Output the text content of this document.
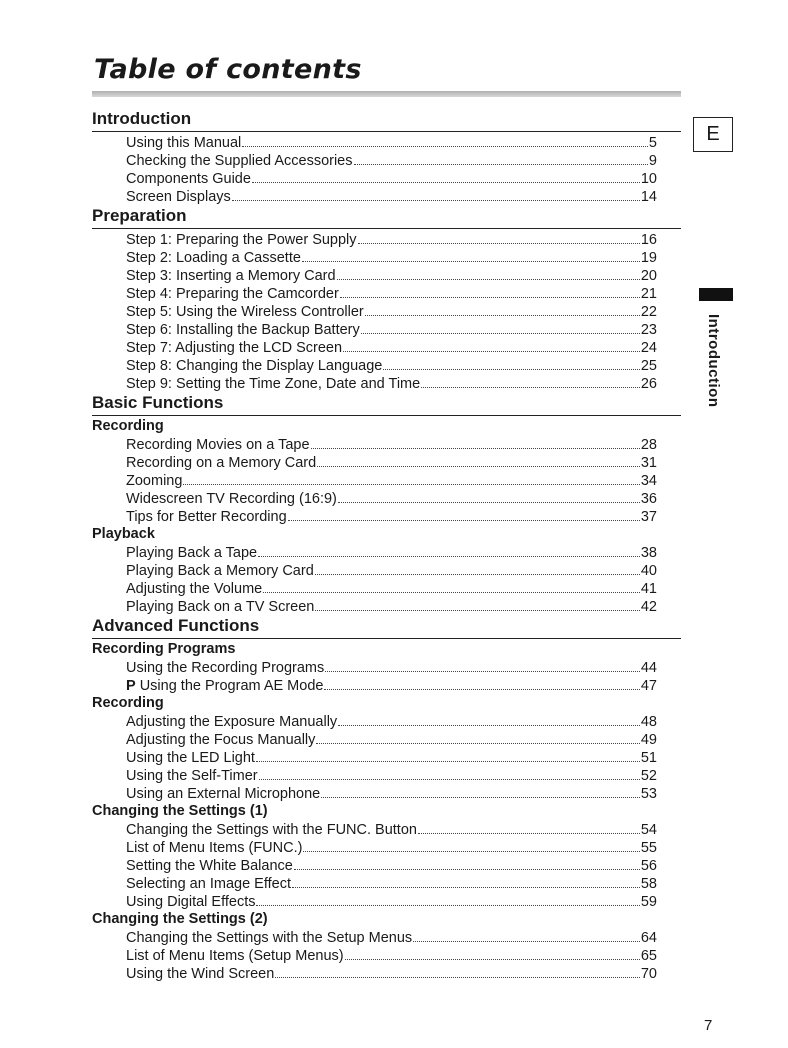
Table of contents
E
Introduction
Introduction
Using this Manual	5
Checking the Supplied Accessories	9
Components Guide	10
Screen Displays	14
Preparation
Step 1: Preparing the Power Supply	16
Step 2: Loading a Cassette	19
Step 3: Inserting a Memory Card	20
Step 4: Preparing the Camcorder	21
Step 5: Using the Wireless Controller	22
Step 6: Installing the Backup Battery	23
Step 7: Adjusting the LCD Screen	24
Step 8: Changing the Display Language	25
Step 9: Setting the Time Zone, Date and Time	26
Basic Functions
Recording
Recording Movies on a Tape	28
Recording on a Memory Card	31
Zooming	34
Widescreen TV Recording (16:9)	36
Tips for Better Recording	37
Playback
Playing Back a Tape	38
Playing Back a Memory Card	40
Adjusting the Volume	41
Playing Back on a TV Screen	42
Advanced Functions
Recording Programs
Using the Recording Programs	44
P Using the Program AE Mode	47
Recording
Adjusting the Exposure Manually	48
Adjusting the Focus Manually	49
Using the LED Light	51
Using the Self-Timer	52
Using an External Microphone	53
Changing the Settings (1)
Changing the Settings with the FUNC. Button	54
List of Menu Items (FUNC.)	55
Setting the White Balance	56
Selecting an Image Effect	58
Using Digital Effects	59
Changing the Settings (2)
Changing the Settings with the Setup Menus	64
List of Menu Items (Setup Menus)	65
Using the Wind Screen	70
7
